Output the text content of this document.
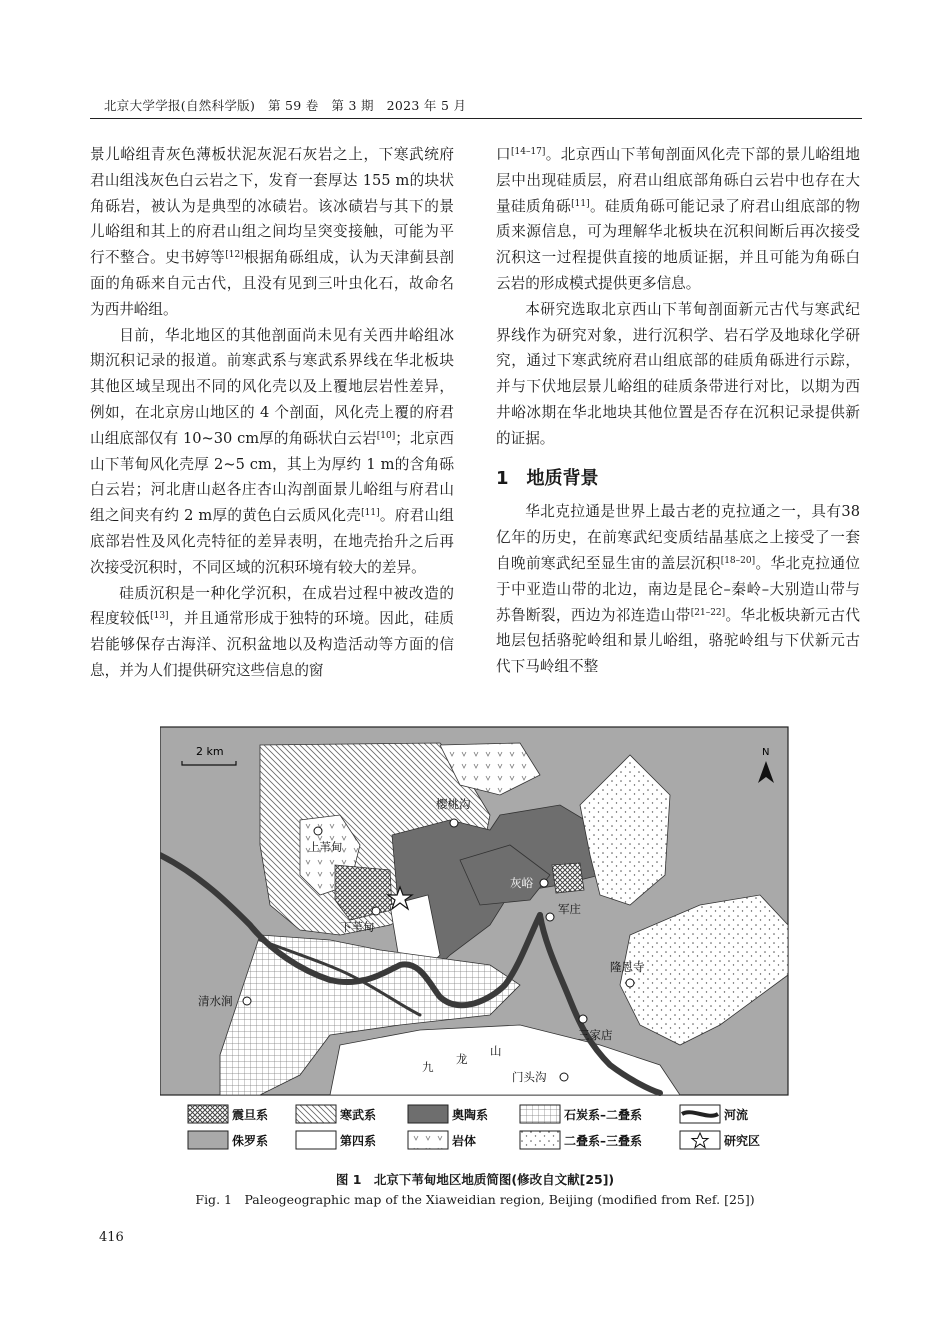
北京大学学报(自然科学版)　第 59 卷　第 3 期　2023 年 5 月

景儿峪组青灰色薄板状泥灰泥石灰岩之上，下寒武统府君山组浅灰色白云岩之下，发育一套厚达 155 m的块状角砾岩，被认为是典型的冰碛岩。该冰碛岩与其下的景儿峪组和其上的府君山组之间均呈突变接触，可能为平行不整合。史书婷等[12]根据角砾组成，认为天津蓟县剖面的角砾来自元古代，且没有见到三叶虫化石，故命名为西井峪组。

目前，华北地区的其他剖面尚未见有关西井峪组冰期沉积记录的报道。前寒武系与寒武系界线在华北板块其他区域呈现出不同的风化壳以及上覆地层岩性差异，例如，在北京房山地区的 4 个剖面，风化壳上覆的府君山组底部仅有 10~30 cm厚的角砾状白云岩[10]；北京西山下苇甸风化壳厚 2~5 cm，其上为厚约 1 m的含角砾白云岩；河北唐山赵各庄杏山沟剖面景儿峪组与府君山组之间夹有约 2 m厚的黄色白云质风化壳[11]。府君山组底部岩性及风化壳特征的差异表明，在地壳抬升之后再次接受沉积时，不同区域的沉积环境有较大的差异。

硅质沉积是一种化学沉积，在成岩过程中被改造的程度较低[13]，并且通常形成于独特的环境。因此，硅质岩能够保存古海洋、沉积盆地以及构造活动等方面的信息，并为人们提供研究这些信息的窗

口[14–17]。北京西山下苇甸剖面风化壳下部的景儿峪组地层中出现硅质层，府君山组底部角砾白云岩中也存在大量硅质角砾[11]。硅质角砾可能记录了府君山组底部的物质来源信息，可为理解华北板块在沉积间断后再次接受沉积这一过程提供直接的地质证据，并且可能为角砾白云岩的形成模式提供更多信息。

本研究选取北京西山下苇甸剖面新元古代与寒武纪界线作为研究对象，进行沉积学、岩石学及地球化学研究，通过下寒武统府君山组底部的硅质角砾进行示踪，并与下伏地层景儿峪组的硅质条带进行对比，以期为西井峪冰期在华北地块其他位置是否存在沉积记录提供新的证据。

1　地质背景

华北克拉通是世界上最古老的克拉通之一，具有38亿年的历史，在前寒武纪变质结晶基底之上接受了一套自晚前寒武纪至显生宙的盖层沉积[18–20]。华北克拉通位于中亚造山带的北边，南边是昆仑–秦岭–大别造山带与苏鲁断裂，西边为祁连造山带[21–22]。华北板块新元古代地层包括骆驼岭组和景儿峪组，骆驼岭组与下伏新元古代下马岭组不整

2 km	N
樱桃沟
上苇甸
灰峪
下苇甸
军庄
隆恩寺
清水涧
三家店
九
龙
山
门头沟
震旦系	寒武系	奥陶系	石炭系–二叠系	河流
侏罗系	第四系	岩体	二叠系–三叠系	研究区
图 1　北京下苇甸地区地质简图(修改自文献[25])
Fig. 1　Paleogeographic map of the Xiaweidian region, Beijing (modified from Ref. [25])
416
